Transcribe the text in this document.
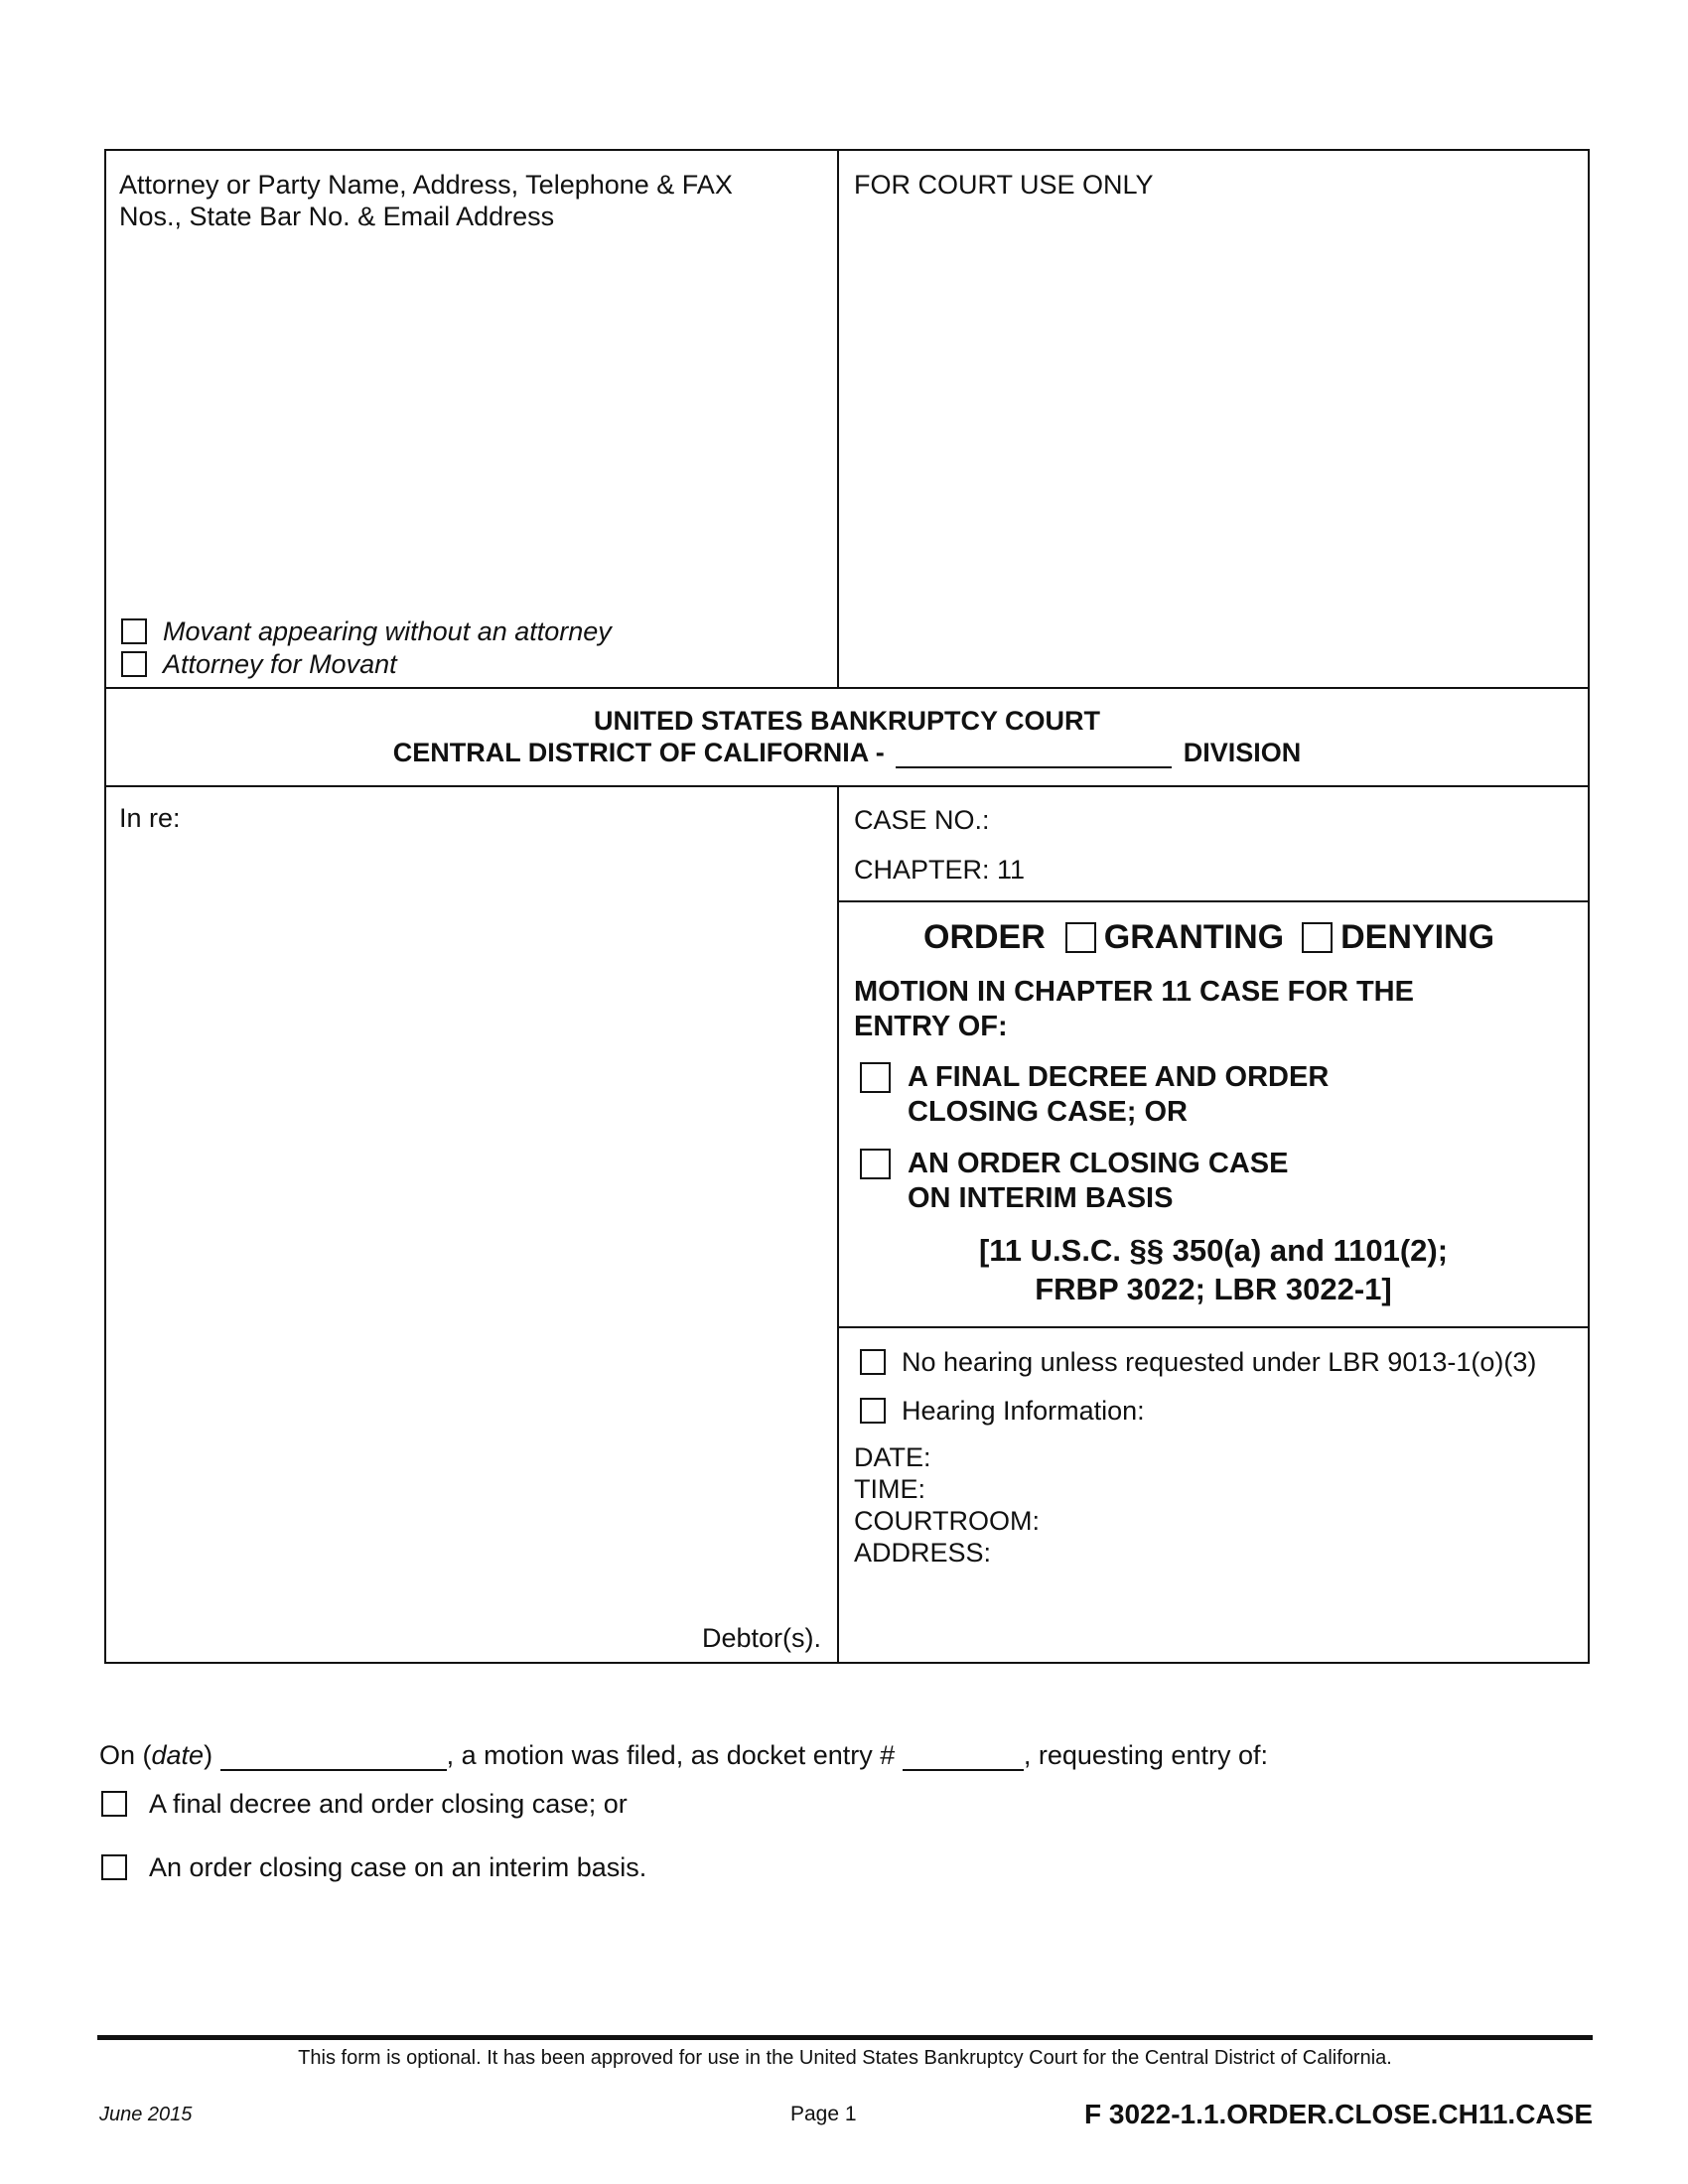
Attorney or Party Name, Address, Telephone & FAX
Nos., State Bar No. & Email Address
Movant appearing without an attorney
Attorney for Movant
FOR COURT USE ONLY
UNITED STATES BANKRUPTCY COURT
CENTRAL DISTRICT OF CALIFORNIA -	DIVISION
In re:
Debtor(s).
CASE NO.:
CHAPTER: 11
ORDER GRANTING DENYING
MOTION IN CHAPTER 11 CASE FOR THE
ENTRY OF:
A FINAL DECREE AND ORDER
CLOSING CASE; OR
AN ORDER CLOSING CASE
ON INTERIM BASIS
[11 U.S.C. §§ 350(a) and 1101(2);
FRBP 3022; LBR 3022-1]
No hearing unless requested under LBR 9013-1(o)(3)
Hearing Information:
DATE:
TIME:
COURTROOM:
ADDRESS:
On (date)	, a motion was filed, as docket entry #	, requesting entry of:
A final decree and order closing case; or
An order closing case on an interim basis.
This form is optional. It has been approved for use in the United States Bankruptcy Court for the Central District of California.
June 2015	Page 1	F 3022-1.1.ORDER.CLOSE.CH11.CASE
